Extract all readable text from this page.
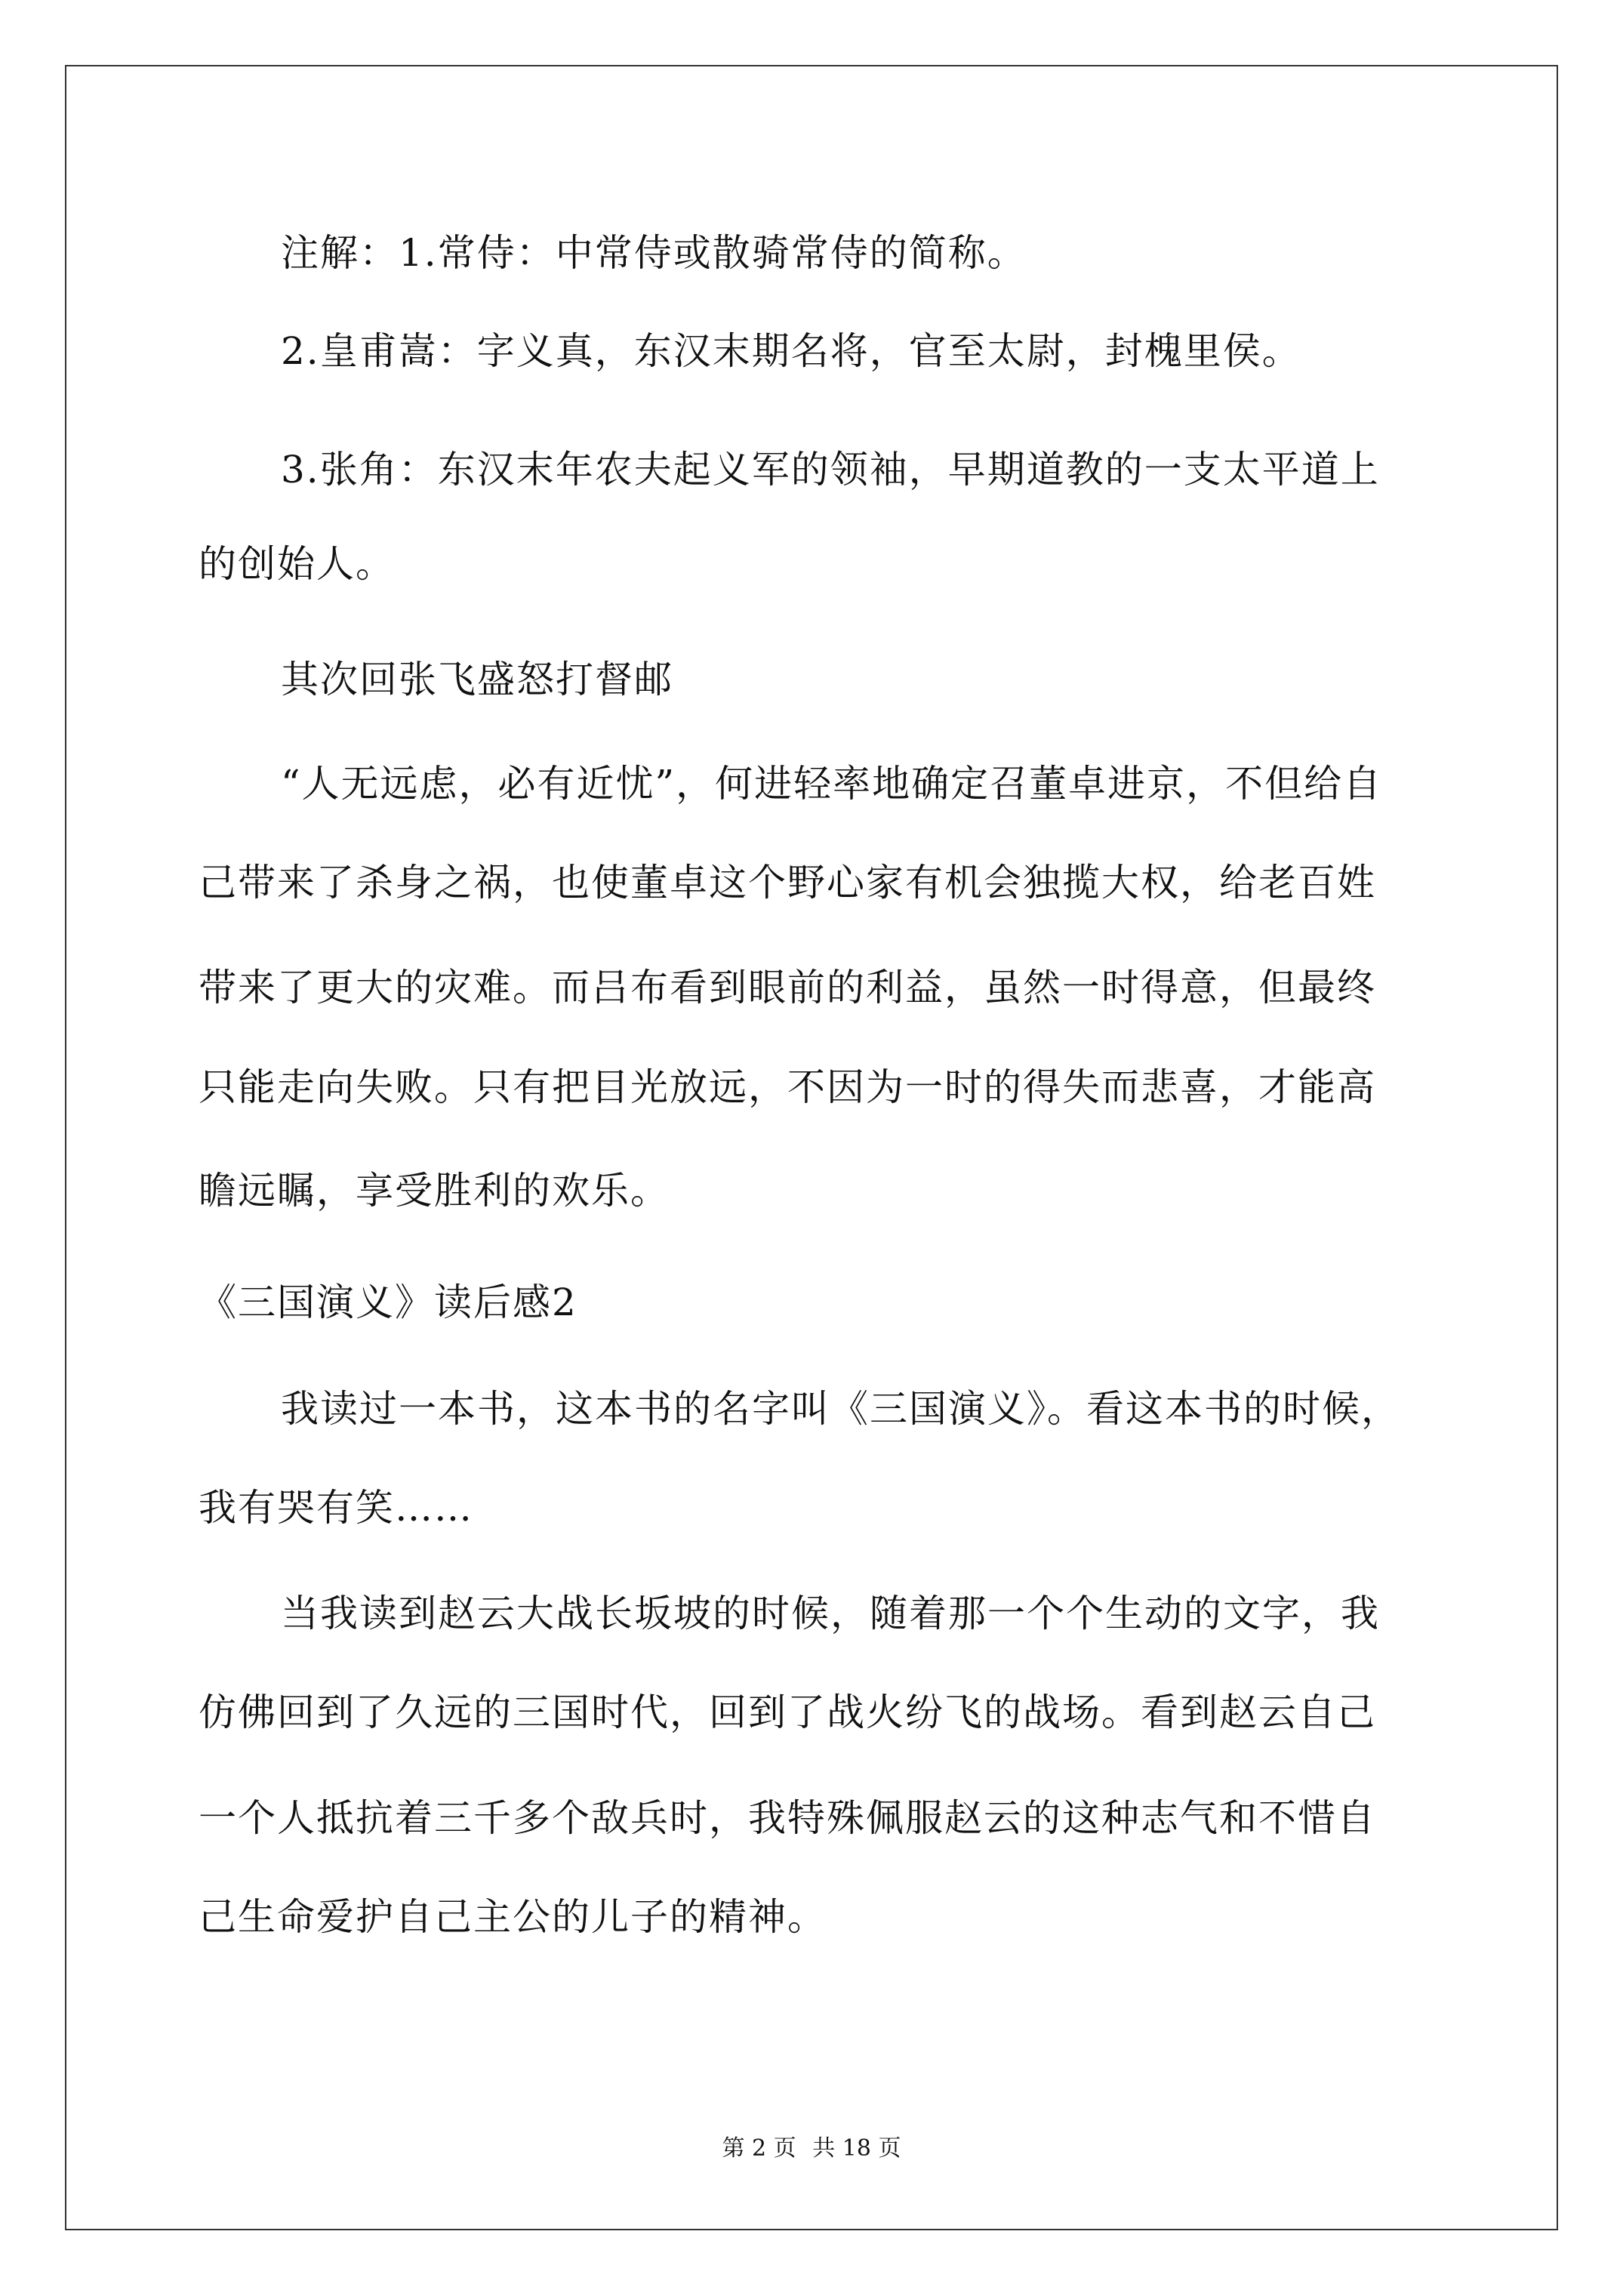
注解：1.常侍：中常侍或散骑常侍的简称。
2.皇甫嵩：字义真，东汉末期名将，官至太尉，封槐里侯。
3.张角：东汉末年农夫起义军的领袖，早期道教的一支太平道上
的创始人。
其次回张飞盛怒打督邮
“人无远虑，必有近忧”，何进轻率地确定召董卓进京，不但给自
己带来了杀身之祸，也使董卓这个野心家有机会独揽大权，给老百姓
带来了更大的灾难。而吕布看到眼前的利益，虽然一时得意，但最终
只能走向失败。只有把目光放远，不因为一时的得失而悲喜，才能高
瞻远瞩，享受胜利的欢乐。
《三国演义》读后感2
我读过一本书，这本书的名字叫《三国演义》。看这本书的时候，
我有哭有笑……
当我读到赵云大战长坂坡的时候，随着那一个个生动的文字，我
仿佛回到了久远的三国时代，回到了战火纷飞的战场。看到赵云自己
一个人抵抗着三千多个敌兵时，我特殊佩服赵云的这种志气和不惜自
己生命爱护自己主公的儿子的精神。
第 2 页 共 18 页
